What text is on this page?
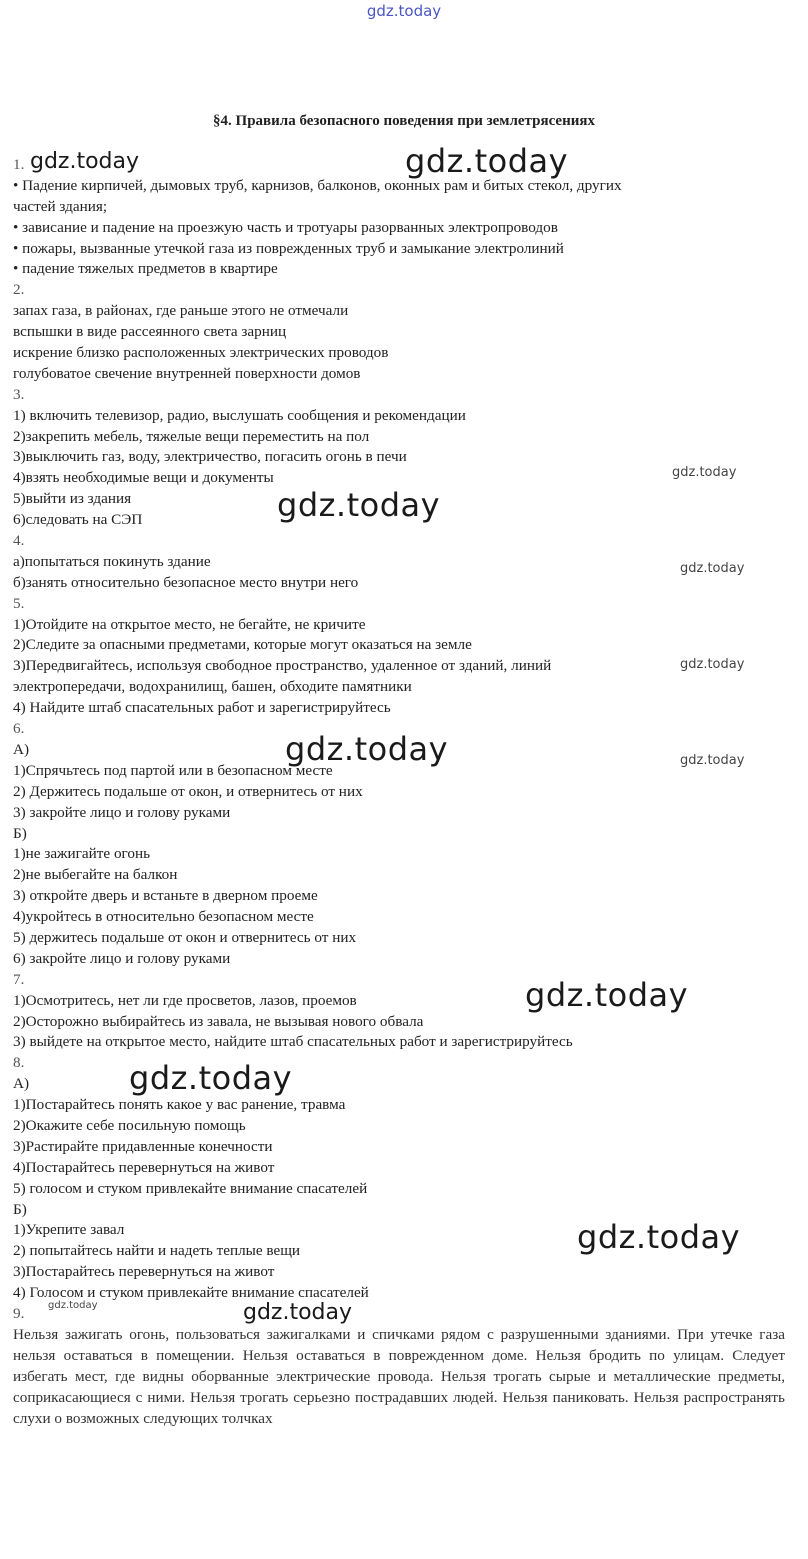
gdz.today
§4. Правила безопасного поведения при землетрясениях
1.
• Падение кирпичей, дымовых труб, карнизов, балконов, оконных рам и битых стекол, других
частей здания;
• зависание и падение на проезжую часть и тротуары разорванных электропроводов
• пожары, вызванные утечкой газа из поврежденных труб и замыкание электролиний
• падение тяжелых предметов в квартире
2.
запах газа, в районах, где раньше этого не отмечали
вспышки в виде рассеянного света зарниц
искрение близко расположенных электрических проводов
голубоватое свечение внутренней поверхности домов
3.
1) включить телевизор, радио, выслушать сообщения и рекомендации
2)закрепить мебель, тяжелые вещи переместить на пол
3)выключить газ, воду, электричество, погасить огонь в печи
4)взять необходимые вещи и документы
5)выйти из здания
6)следовать на СЭП
4.
а)попытаться покинуть здание
б)занять относительно безопасное место внутри него
5.
1)Отойдите на открытое место, не бегайте, не кричите
2)Следите за опасными предметами, которые могут оказаться на земле
3)Передвигайтесь, используя свободное пространство, удаленное от зданий, линий
электропередачи, водохранилищ, башен, обходите памятники
4) Найдите штаб спасательных работ и зарегистрируйтесь
6.
А)
1)Спрячьтесь под партой или в безопасном месте
2) Держитесь подальше от окон, и отвернитесь от них
3) закройте лицо и голову руками
Б)
1)не зажигайте огонь
2)не выбегайте на балкон
3) откройте дверь и встаньте в дверном проеме
4)укройтесь в относительно безопасном месте
5) держитесь подальше от окон и отвернитесь от них
6) закройте лицо и голову руками
7.
1)Осмотритесь, нет ли где просветов, лазов, проемов
2)Осторожно выбирайтесь из завала, не вызывая нового обвала
3) выйдете на открытое место, найдите штаб спасательных работ и зарегистрируйтесь
8.
А)
1)Постарайтесь понять какое у вас ранение, травма
2)Окажите себе посильную помощь
3)Растирайте придавленные конечности
4)Постарайтесь перевернуться на живот
5) голосом и стуком привлекайте внимание спасателей
Б)
1)Укрепите завал
2) попытайтесь найти и надеть теплые вещи
3)Постарайтесь перевернуться на живот
4) Голосом и стуком привлекайте внимание спасателей
9.
Нельзя зажигать огонь, пользоваться зажигалками и спичками рядом с разрушенными зданиями. При утечке газа нельзя оставаться в помещении. Нельзя оставаться в поврежденном доме. Нельзя бродить по улицам. Следует избегать мест, где видны оборванные электрические провода. Нельзя трогать сырые и металлические предметы, соприкасающиеся с ними. Нельзя трогать серьезно пострадавших людей. Нельзя паниковать. Нельзя распространять слухи о возможных следующих толчках
gdz.today	gdz.today
gdz.today
gdz.today
gdz.today
gdz.today
gdz.today	gdz.today
gdz.today
gdz.today
gdz.today
gdz.today	gdz.today
